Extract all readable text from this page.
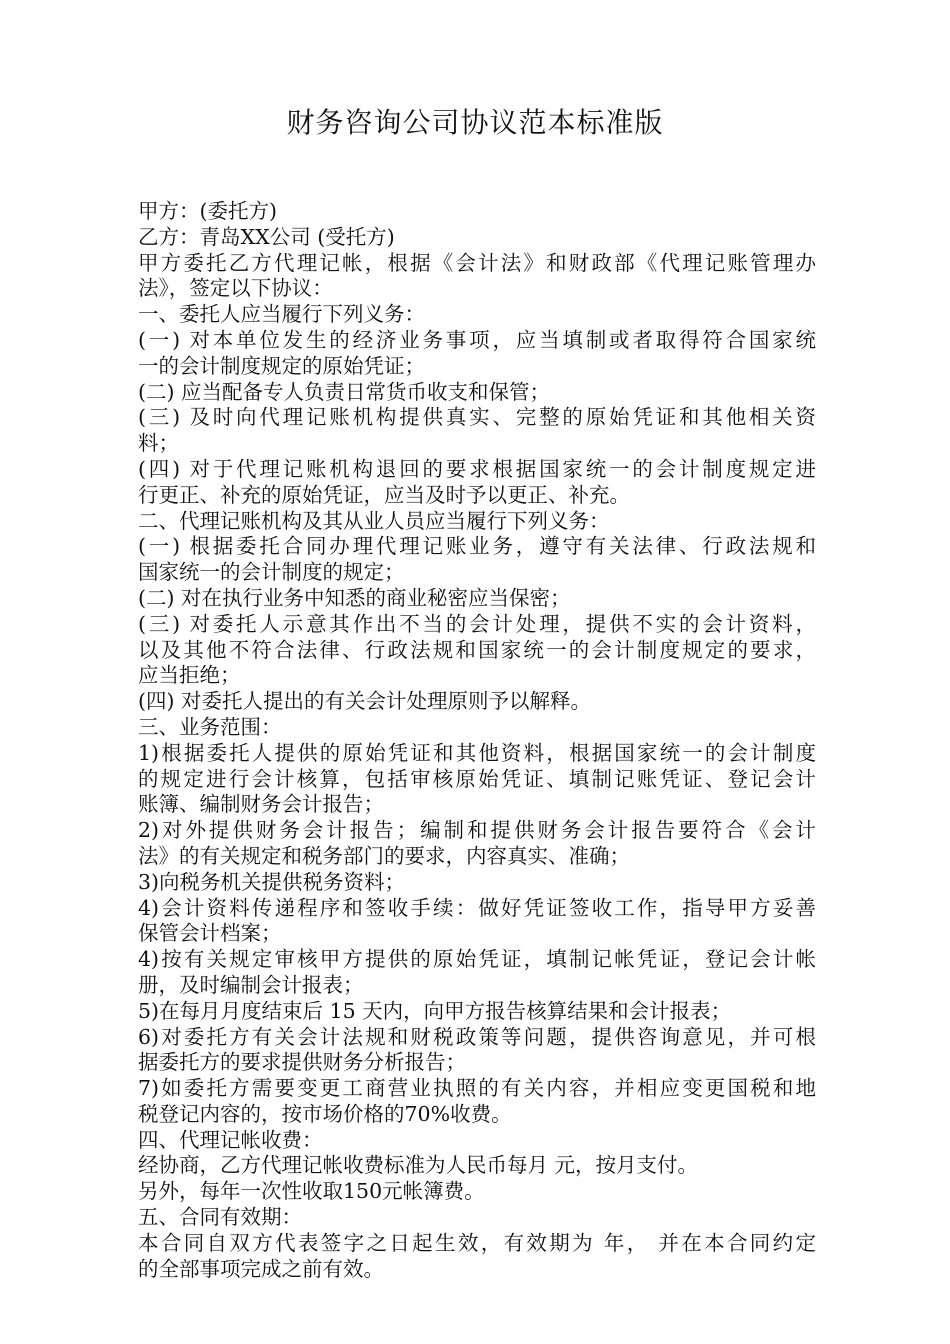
财务咨询公司协议范本标准版
甲方：(委托方)
乙方：青岛XX公司 (受托方)
甲方委托乙方代理记帐，根据《会计法》和财政部《代理记账管理办
法》，签定以下协议：
一、委托人应当履行下列义务：
(一) 对本单位发生的经济业务事项，应当填制或者取得符合国家统
一的会计制度规定的原始凭证；
(二) 应当配备专人负责日常货币收支和保管；
(三) 及时向代理记账机构提供真实、完整的原始凭证和其他相关资
料；
(四) 对于代理记账机构退回的要求根据国家统一的会计制度规定进
行更正、补充的原始凭证，应当及时予以更正、补充。
二、代理记账机构及其从业人员应当履行下列义务：
(一) 根据委托合同办理代理记账业务，遵守有关法律、行政法规和
国家统一的会计制度的规定；
(二) 对在执行业务中知悉的商业秘密应当保密；
(三) 对委托人示意其作出不当的会计处理，提供不实的会计资料，
以及其他不符合法律、行政法规和国家统一的会计制度规定的要求，
应当拒绝；
(四) 对委托人提出的有关会计处理原则予以解释。
三、业务范围：
1)根据委托人提供的原始凭证和其他资料，根据国家统一的会计制度
的规定进行会计核算，包括审核原始凭证、填制记账凭证、登记会计
账簿、编制财务会计报告；
2)对外提供财务会计报告；编制和提供财务会计报告要符合《会计
法》的有关规定和税务部门的要求，内容真实、准确；
3)向税务机关提供税务资料；
4)会计资料传递程序和签收手续：做好凭证签收工作，指导甲方妥善
保管会计档案；
4)按有关规定审核甲方提供的原始凭证，填制记帐凭证，登记会计帐
册，及时编制会计报表；
5)在每月月度结束后 15 天内，向甲方报告核算结果和会计报表；
6)对委托方有关会计法规和财税政策等问题，提供咨询意见，并可根
据委托方的要求提供财务分析报告；
7)如委托方需要变更工商营业执照的有关内容，并相应变更国税和地
税登记内容的，按市场价格的70%收费。
四、代理记帐收费：
经协商，乙方代理记帐收费标准为人民币每月 元，按月支付。
另外，每年一次性收取150元帐簿费。
五、合同有效期：
本合同自双方代表签字之日起生效，有效期为 年， 并在本合同约定
的全部事项完成之前有效。
